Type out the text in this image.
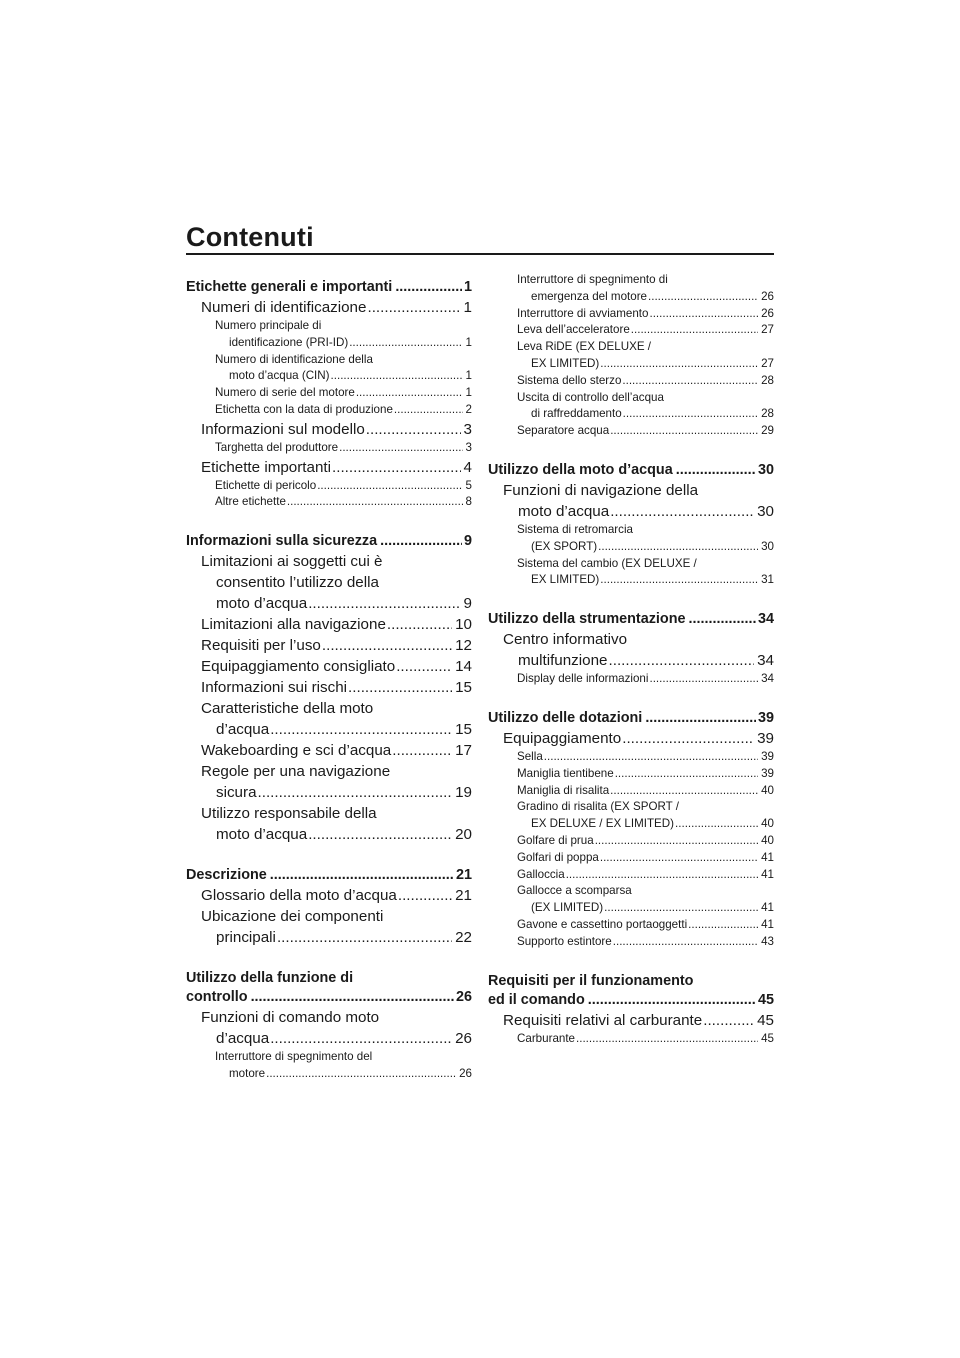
Contenuti
Etichette generali e importanti .....	1
Numeri di identificazione .....	1
Numero principale di
identificazione (PRI-ID) .....	1
Numero di identificazione della
moto d’acqua (CIN) .....	1
Numero di serie del motore .....	1
Etichetta con la data di produzione .....	2
Informazioni sul modello .....	3
Targhetta del produttore .....	3
Etichette importanti .....	4
Etichette di pericolo .....	5
Altre etichette .....	8
Informazioni sulla sicurezza .....	9
Limitazioni ai soggetti cui è
consentito l’utilizzo della
moto d’acqua .....	9
Limitazioni alla navigazione .....	10
Requisiti per l’uso .....	12
Equipaggiamento consigliato .....	14
Informazioni sui rischi .....	15
Caratteristiche della moto
d’acqua .....	15
Wakeboarding e sci d’acqua .....	17
Regole per una navigazione
sicura .....	19
Utilizzo responsabile della
moto d’acqua .....	20
Descrizione .....	21
Glossario della moto d’acqua .....	21
Ubicazione dei componenti
principali .....	22
Utilizzo della funzione di
controllo .....	26
Funzioni di comando moto
d’acqua .....	26
Interruttore di spegnimento del
motore .....	26
Interruttore di spegnimento di
emergenza del motore .....	26
Interruttore di avviamento .....	26
Leva dell’acceleratore .....	27
Leva RiDE (EX DELUXE /
EX LIMITED) .....	27
Sistema dello sterzo .....	28
Uscita di controllo dell’acqua
di raffreddamento .....	28
Separatore acqua .....	29
Utilizzo della moto d’acqua .....	30
Funzioni di navigazione della
moto d’acqua .....	30
Sistema di retromarcia
(EX SPORT) .....	30
Sistema del cambio (EX DELUXE /
EX LIMITED) .....	31
Utilizzo della strumentazione .....	34
Centro informativo
multifunzione .....	34
Display delle informazioni .....	34
Utilizzo delle dotazioni .....	39
Equipaggiamento .....	39
Sella .....	39
Maniglia tientibene .....	39
Maniglia di risalita .....	40
Gradino di risalita (EX SPORT /
EX DELUXE / EX LIMITED) .....	40
Golfare di prua .....	40
Golfari di poppa .....	41
Galloccia .....	41
Gallocce a scomparsa
(EX LIMITED) .....	41
Gavone e cassettino portaoggetti .....	41
Supporto estintore .....	43
Requisiti per il funzionamento
ed il comando .....	45
Requisiti relativi al carburante .....	45
Carburante .....	45
